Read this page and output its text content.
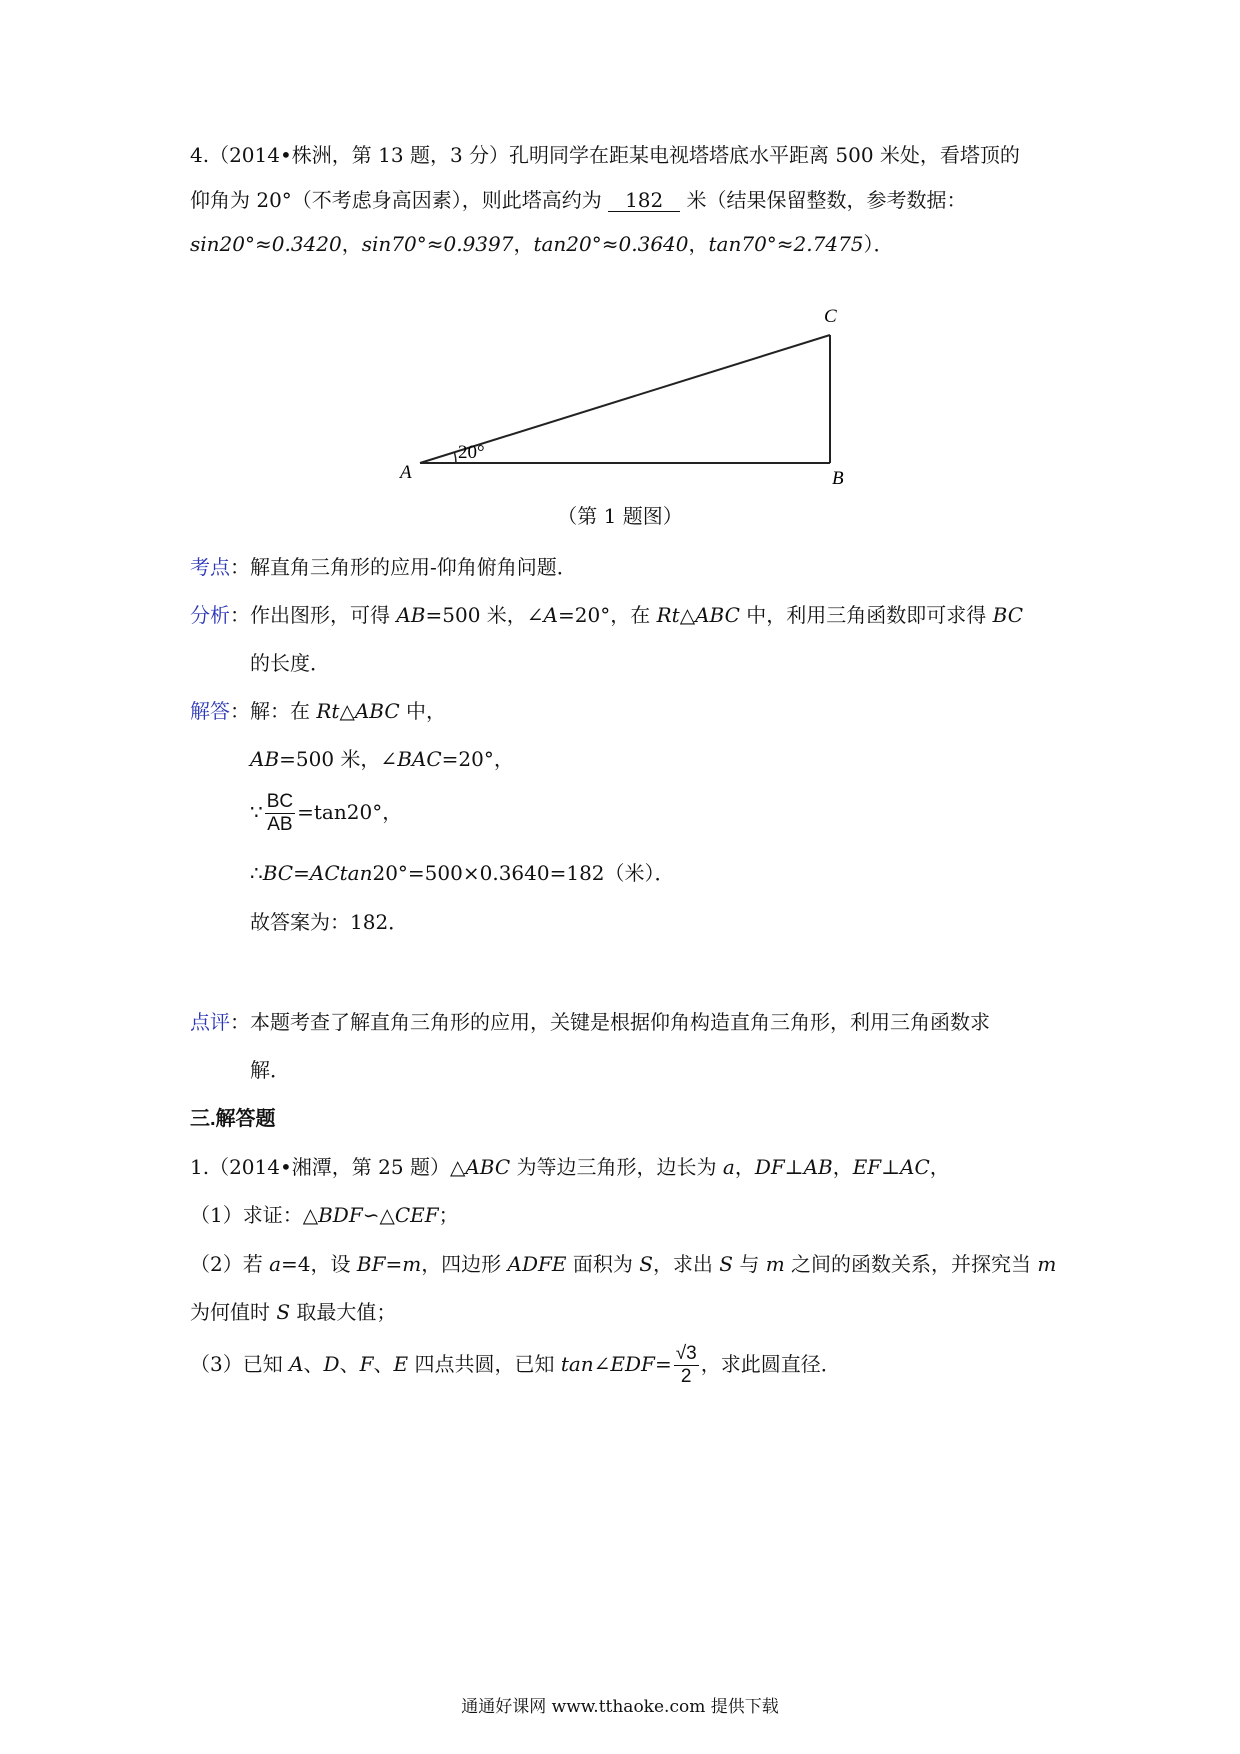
4.（2014•株洲，第 13 题，3 分）孔明同学在距某电视塔塔底水平距离 500 米处，看塔顶的
仰角为 20°（不考虑身高因素），则此塔高约为 182 米（结果保留整数，参考数据：
sin20°≈0.3420，sin70°≈0.9397，tan20°≈0.3640，tan70°≈2.7475）．
20°
A	B
C
（第 1 题图）
考点：解直角三角形的应用-仰角俯角问题．
分析：作出图形，可得 AB=500 米，∠A=20°，在 Rt△ABC 中，利用三角函数即可求得 BC
的长度．
解答：解：在 Rt△ABC 中，
AB=500 米，∠BAC=20°，
∵ $\frac{BC}{AB} =\tan 20^\circ$，
∴BC=ACtan20°=500×0.3640=182（米）．
故答案为：182．
点评：本题考查了解直角三角形的应用，关键是根据仰角构造直角三角形，利用三角函数求
解．
三.解答题
1.（2014•湘潭，第 25 题）△ABC 为等边三角形，边长为 a，DF⊥AB，EF⊥AC，
（1）求证：△BDF∽△CEF；
（2）若 a=4，设 BF=m，四边形 ADFE 面积为 S，求出 S 与 m 之间的函数关系，并探究当 m
为何值时 S 取最大值；
（3）已知 A、D、F、E 四点共圆，已知 tan∠EDF= $\frac{√3}{2}$ ，求此圆直径．
通通好课网 www.tthaoke.com 提供下载
